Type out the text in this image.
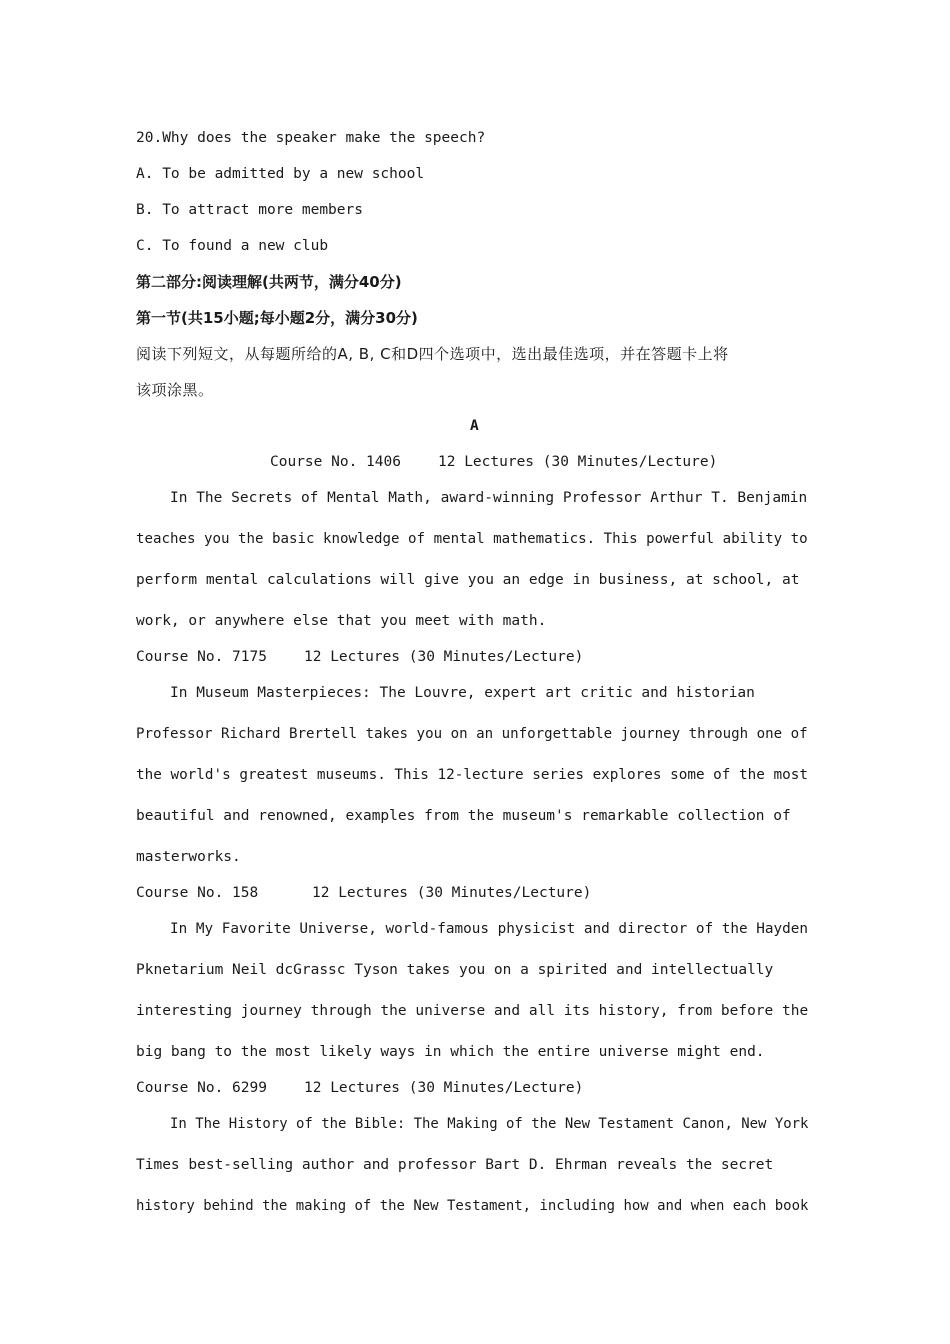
20.Why does the speaker make the speech?
A. To be admitted by a new school
B. To attract more members
C. To found a new club
第二部分:阅读理解(共两节，满分40分)
第一节(共15小题;每小题2分，满分30分)
阅读下列短文，从每题所给的A, B, C和D四个选项中，选出最佳选项，并在答题卡上将
该项涂黑。
A
Course No. 1406	12 Lectures (30 Minutes/Lecture)
In The Secrets of Mental Math, award-winning Professor Arthur T. Benjamin
teaches you the basic knowledge of mental mathematics. This powerful ability to
perform mental calculations will give you an edge in business, at school, at
work, or anywhere else that you meet with math.
Course No. 7175	12 Lectures (30 Minutes/Lecture)
In Museum Masterpieces: The Louvre, expert art critic and historian
Professor Richard Brertell takes you on an unforgettable journey through one of
the world's greatest museums. This 12-lecture series explores some of the most
beautiful and renowned, examples from the museum's remarkable collection of
masterworks.
Course No. 158	12 Lectures (30 Minutes/Lecture)
In My Favorite Universe, world-famous physicist and director of the Hayden
Pknetarium Neil dcGrassc Tyson takes you on a spirited and intellectually
interesting journey through the universe and all its history, from before the
big bang to the most likely ways in which the entire universe might end.
Course No. 6299	12 Lectures (30 Minutes/Lecture)
In The History of the Bible: The Making of the New Testament Canon, New York
Times best-selling author and professor Bart D. Ehrman reveals the secret
history behind the making of the New Testament, including how and when each book
